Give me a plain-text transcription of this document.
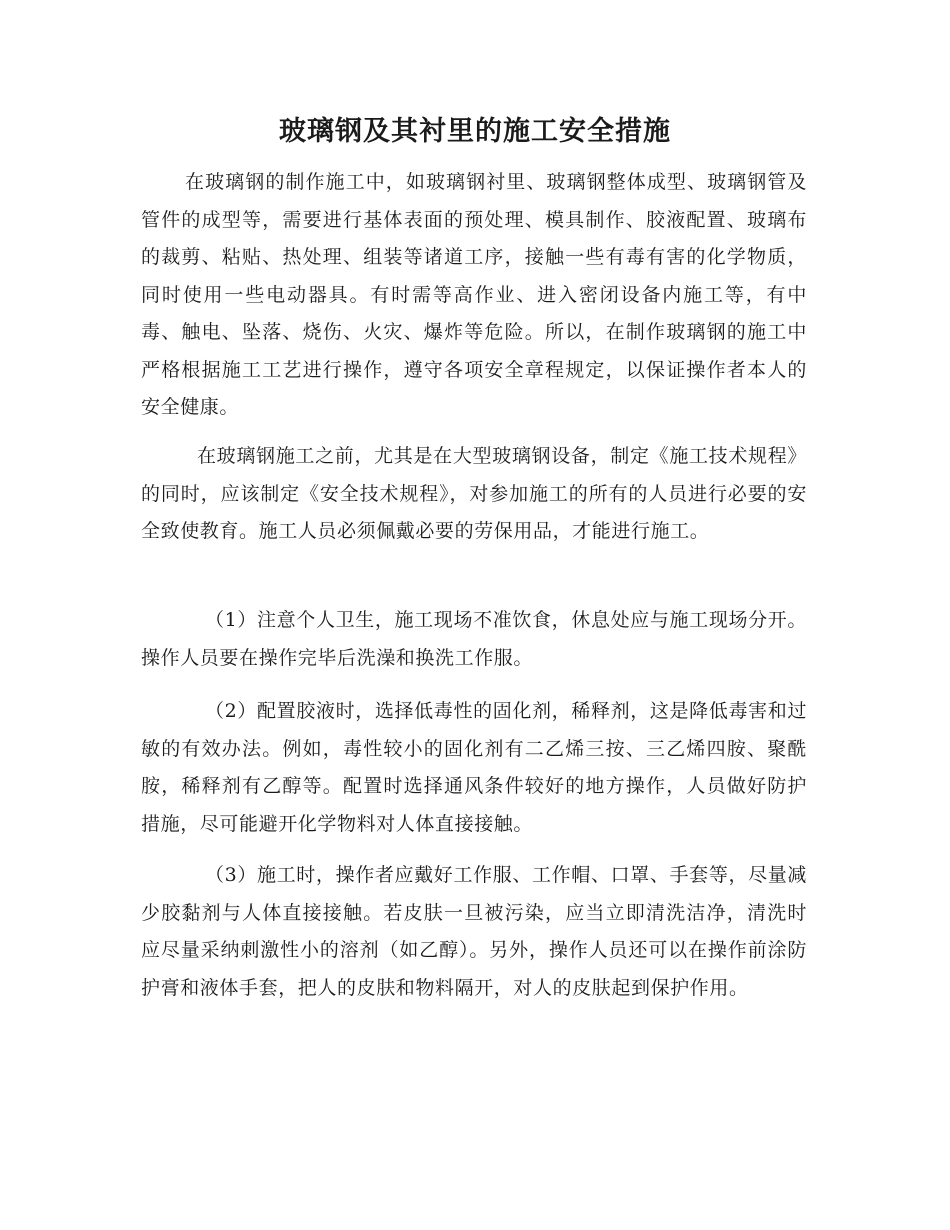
玻璃钢及其衬里的施工安全措施

在玻璃钢的制作施工中，如玻璃钢衬里、玻璃钢整体成型、玻璃钢管及管件的成型等，需要进行基体表面的预处理、模具制作、胶液配置、玻璃布的裁剪、粘贴、热处理、组装等诸道工序，接触一些有毒有害的化学物质，同时使用一些电动器具。有时需等高作业、进入密闭设备内施工等，有中毒、触电、坠落、烧伤、火灾、爆炸等危险。所以，在制作玻璃钢的施工中严格根据施工工艺进行操作，遵守各项安全章程规定，以保证操作者本人的安全健康。

在玻璃钢施工之前，尤其是在大型玻璃钢设备，制定《施工技术规程》的同时，应该制定《安全技术规程》，对参加施工的所有的人员进行必要的安全致使教育。施工人员必须佩戴必要的劳保用品，才能进行施工。

（1）注意个人卫生，施工现场不准饮食，休息处应与施工现场分开。操作人员要在操作完毕后洗澡和换洗工作服。

（2）配置胶液时，选择低毒性的固化剂，稀释剂，这是降低毒害和过敏的有效办法。例如，毒性较小的固化剂有二乙烯三按、三乙烯四胺、聚酰胺，稀释剂有乙醇等。配置时选择通风条件较好的地方操作，人员做好防护措施，尽可能避开化学物料对人体直接接触。

（3）施工时，操作者应戴好工作服、工作帽、口罩、手套等，尽量减少胶黏剂与人体直接接触。若皮肤一旦被污染，应当立即清洗洁净，清洗时应尽量采纳刺激性小的溶剂（如乙醇）。另外，操作人员还可以在操作前涂防护膏和液体手套，把人的皮肤和物料隔开，对人的皮肤起到保护作用。
